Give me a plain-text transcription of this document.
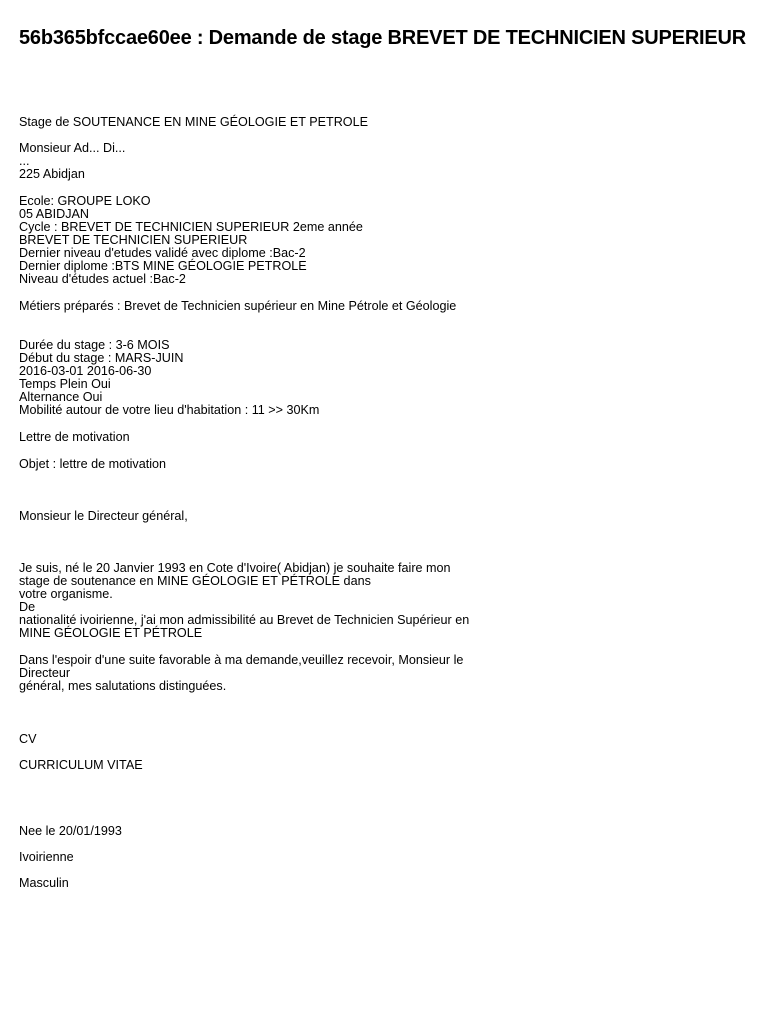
56b365bfccae60ee : Demande de stage BREVET DE TECHNICIEN SUPERIEUR
Stage de SOUTENANCE EN MINE GÉOLOGIE ET PETROLE
Monsieur Ad... Di...
...
225 Abidjan
Ecole: GROUPE LOKO
05 ABIDJAN
Cycle : BREVET DE TECHNICIEN SUPERIEUR 2eme année
BREVET DE TECHNICIEN SUPERIEUR
Dernier niveau d'etudes validé avec diplome :Bac-2
Dernier diplome :BTS MINE GÉOLOGIE PETROLE
Niveau d'études actuel :Bac-2
Métiers préparés : Brevet de Technicien supérieur en Mine Pétrole et Géologie
Durée du stage : 3-6 MOIS
Début du stage : MARS-JUIN
2016-03-01 2016-06-30
Temps Plein Oui
Alternance Oui
Mobilité autour de votre lieu d'habitation : 11 >> 30Km
Lettre de motivation
Objet : lettre de motivation
Monsieur le Directeur général,
Je suis, né le 20 Janvier 1993 en Cote d'Ivoire( Abidjan) je souhaite faire mon
stage de soutenance en MINE GÉOLOGIE ET PÉTROLE dans
votre organisme.
De
nationalité ivoirienne, j'ai mon admissibilité au Brevet de Technicien Supérieur en
MINE GÉOLOGIE ET PÉTROLE
Dans l'espoir d'une suite favorable à ma demande,veuillez recevoir, Monsieur le
Directeur
général, mes salutations distinguées.
CV
CURRICULUM VITAE
Nee le 20/01/1993
Ivoirienne
Masculin
